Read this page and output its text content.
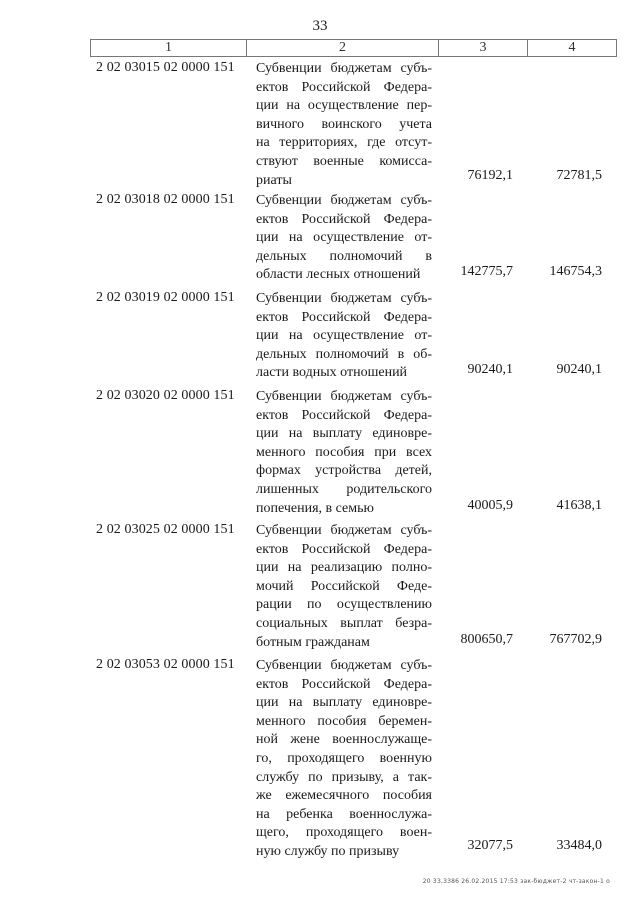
33
1	2	3	4
2 02 03015 02 0000 151 Субвенции бюджетам субъ-
ектов Российской Федера-
ции на осуществление пер-
вичного воинского учета
на территориях, где отсут-
ствуют военные комисса-
риаты	76192,1	72781,5
2 02 03018 02 0000 151 Субвенции бюджетам субъ-
ектов Российской Федера-
ции на осуществление от-
дельных полномочий в
области лесных отношений	142775,7	146754,3
2 02 03019 02 0000 151 Субвенции бюджетам субъ-
ектов Российской Федера-
ции на осуществление от-
дельных полномочий в об-
ласти водных отношений	90240,1	90240,1
2 02 03020 02 0000 151 Субвенции бюджетам субъ-
ектов Российской Федера-
ции на выплату единовре-
менного пособия при всех
формах устройства детей,
лишенных родительского
попечения, в семью	40005,9	41638,1
2 02 03025 02 0000 151 Субвенции бюджетам субъ-
ектов Российской Федера-
ции на реализацию полно-
мочий Российской Феде-
рации по осуществлению
социальных выплат безра-
ботным гражданам	800650,7	767702,9
2 02 03053 02 0000 151 Субвенции бюджетам субъ-
ектов Российской Федера-
ции на выплату единовре-
менного пособия беремен-
ной жене военнослужаще-
го, проходящего военную
службу по призыву, а так-
же ежемесячного пособия
на ребенка военнослужа-
щего, проходящего воен-
ную службу по призыву	32077,5	33484,0
20 33,3386 26.02.2015 17:53 зак-бюджет-2 чт-закон-1 о
